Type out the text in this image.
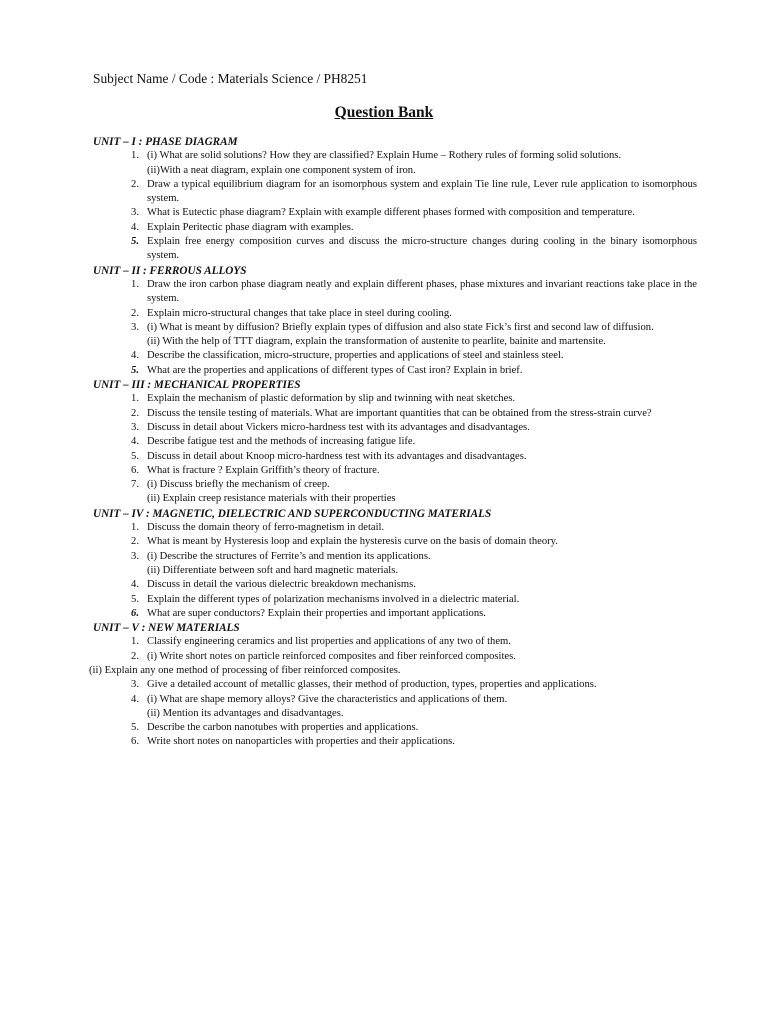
Subject Name / Code : Materials Science / PH8251
Question Bank
UNIT – I : PHASE DIAGRAM
1. (i) What are solid solutions? How they are classified? Explain Hume – Rothery rules of forming solid solutions.
(ii)With a neat diagram, explain one component system of iron.
2. Draw a typical equilibrium diagram for an isomorphous system and explain Tie line rule, Lever rule application to isomorphous system.
3. What is Eutectic phase diagram? Explain with example different phases formed with composition and temperature.
4. Explain Peritectic phase diagram with examples.
5. Explain free energy composition curves and discuss the micro-structure changes during cooling in the binary isomorphous system.
UNIT – II : FERROUS ALLOYS
1. Draw the iron carbon phase diagram neatly and explain different phases, phase mixtures and invariant reactions take place in the system.
2. Explain micro-structural changes that take place in steel during cooling.
3. (i) What is meant by diffusion? Briefly explain types of diffusion and also state Fick’s first and second law of diffusion.
(ii) With the help of TTT diagram, explain the transformation of austenite to pearlite, bainite and martensite.
4. Describe the classification, micro-structure, properties and applications of steel and stainless steel.
5. What are the properties and applications of different types of Cast iron? Explain in brief.
UNIT – III : MECHANICAL PROPERTIES
1. Explain the mechanism of plastic deformation by slip and twinning with neat sketches.
2. Discuss the tensile testing of materials. What are important quantities that can be obtained from the stress-strain curve?
3. Discuss in detail about Vickers micro-hardness test with its advantages and disadvantages.
4. Describe fatigue test and the methods of increasing fatigue life.
5. Discuss in detail about Knoop micro-hardness test with its advantages and disadvantages.
6. What is fracture ? Explain Griffith’s theory of fracture.
7. (i) Discuss briefly the mechanism of creep.
(ii) Explain creep resistance materials with their properties
UNIT – IV : MAGNETIC, DIELECTRIC AND SUPERCONDUCTING MATERIALS
1. Discuss the domain theory of ferro-magnetism in detail.
2. What is meant by Hysteresis loop and explain the hysteresis curve on the basis of domain theory.
3. (i) Describe the structures of Ferrite’s and mention its applications.
(ii) Differentiate between soft and hard magnetic materials.
4. Discuss in detail the various dielectric breakdown mechanisms.
5. Explain the different types of polarization mechanisms involved in a dielectric material.
6. What are super conductors? Explain their properties and important applications.
UNIT – V : NEW MATERIALS
1. Classify engineering ceramics and list properties and applications of any two of them.
2. (i) Write short notes on particle reinforced composites and fiber reinforced composites.
(ii) Explain any one method of processing of fiber reinforced composites.
3. Give a detailed account of metallic glasses, their method of production, types, properties and applications.
4. (i) What are shape memory alloys? Give the characteristics and applications of them.
(ii) Mention its advantages and disadvantages.
5. Describe the carbon nanotubes with properties and applications.
6. Write short notes on nanoparticles with properties and their applications.
